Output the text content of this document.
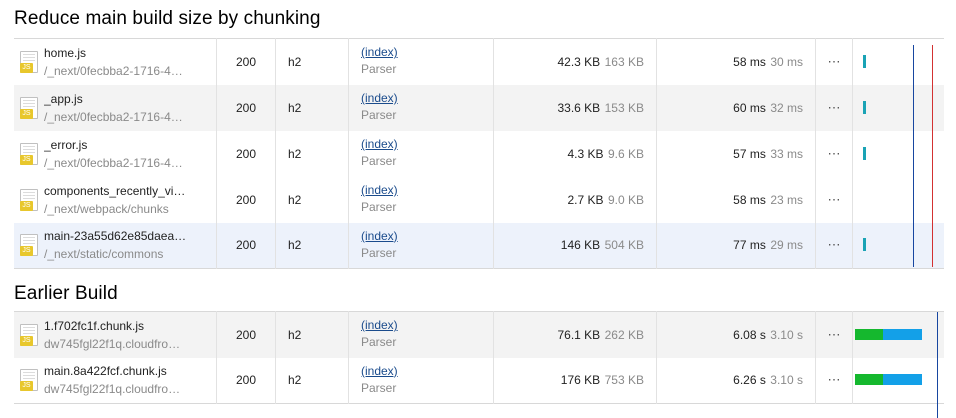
Reduce main build size by chunking
JS
home.js /_next/0fecbba2-1716-4…	200	h2	(index)
Parser	42.3 KB 163 KB	58 ms 30 ms	⋯	

JS
_app.js /_next/0fecbba2-1716-4…	200	h2	(index)
Parser	33.6 KB 153 KB	60 ms 32 ms	⋯	

JS
_error.js /_next/0fecbba2-1716-4…	200	h2	(index)
Parser	4.3 KB 9.6 KB	57 ms 33 ms	⋯	

JS
components_recently_vi… /_next/webpack/chunks	200	h2	(index)
Parser	2.7 KB 9.0 KB	58 ms 23 ms	⋯	

JS
main-23a55d62e85daea… /_next/static/commons	200	h2	(index)
Parser	146 KB 504 KB	77 ms 29 ms	⋯	
Earlier Build
JS
1.f702fc1f.chunk.js dw745fgl22f1q.cloudfro…	200	h2	(index)
Parser	76.1 KB 262 KB	6.08 s 3.10 s	⋯	

JS
main.8a422fcf.chunk.js dw745fgl22f1q.cloudfro…	200	h2	(index)
Parser	176 KB 753 KB	6.26 s 3.10 s	⋯	
